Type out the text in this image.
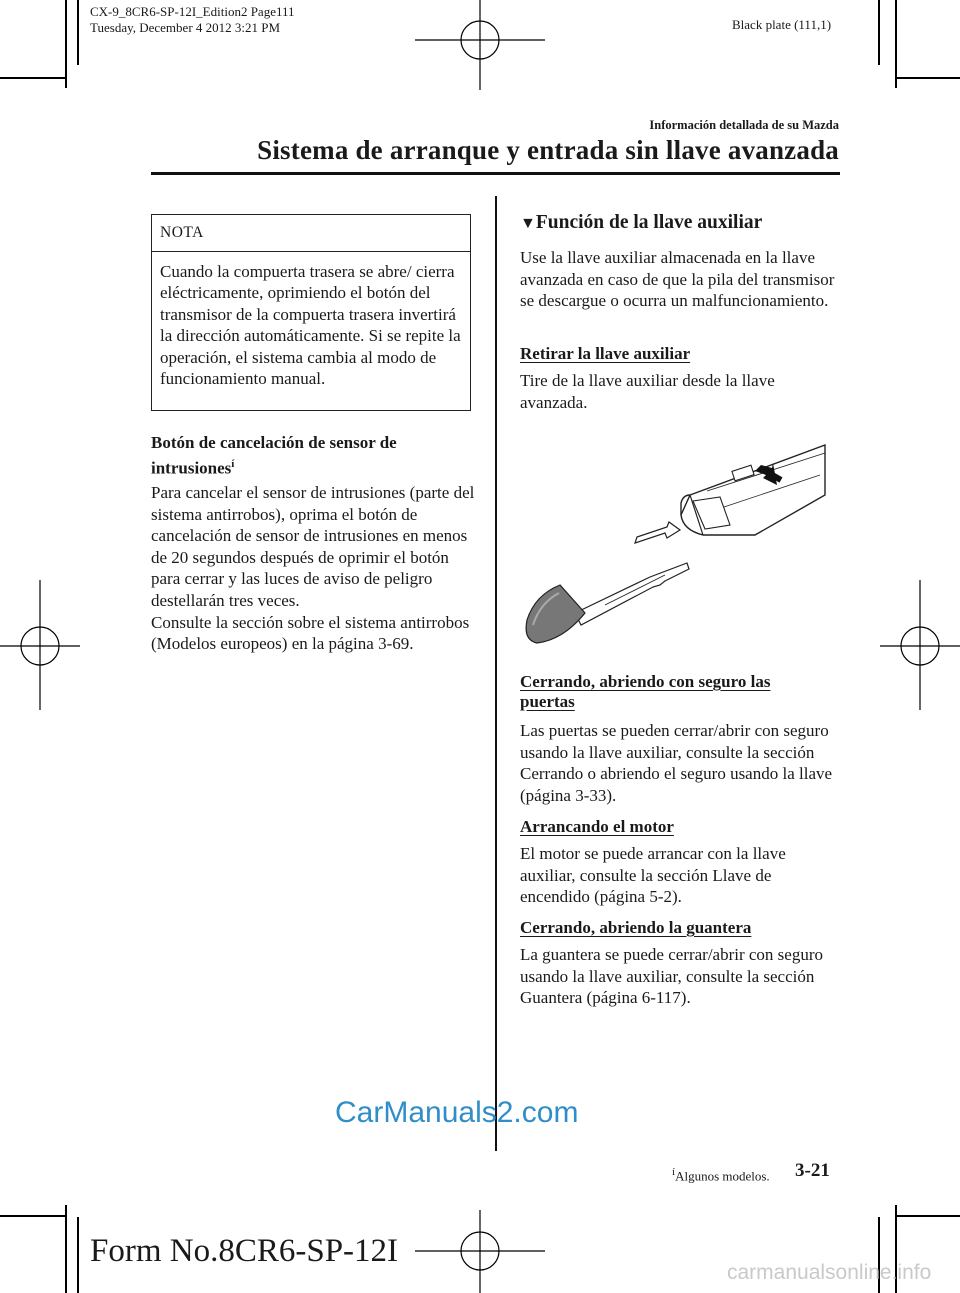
CX-9_8CR6-SP-12I_Edition2 Page111
Tuesday, December 4 2012 3:21 PM	Black plate (111,1)
Información detallada de su Mazda
Sistema de arranque y entrada sin llave avanzada
NOTA
Cuando la compuerta trasera se abre/ cierra eléctricamente, oprimiendo el botón del transmisor de la compuerta trasera invertirá la dirección automáticamente. Si se repite la operación, el sistema cambia al modo de funcionamiento manual.
Botón de cancelación de sensor de
intrusiones$^í$

Para cancelar el sensor de intrusiones (parte del sistema antirrobos), oprima el botón de cancelación de sensor de intrusiones en menos de 20 segundos después de oprimir el botón para cerrar y las luces de aviso de peligro destellarán tres veces.

Consulte la sección sobre el sistema antirrobos (Modelos europeos) en la página 3-69.

▼Función de la llave auxiliar
Use la llave auxiliar almacenada en la llave avanzada en caso de que la pila del transmisor se descargue o ocurra un malfuncionamiento.
Retirar la llave auxiliar
Tire de la llave auxiliar desde la llave avanzada.
Cerrando, abriendo con seguro las
puertas
Las puertas se pueden cerrar/abrir con seguro usando la llave auxiliar, consulte la sección Cerrando o abriendo el seguro usando la llave (página 3-33).
Arrancando el motor
El motor se puede arrancar con la llave auxiliar, consulte la sección Llave de encendido (página 5-2).
Cerrando, abriendo la guantera
La guantera se puede cerrar/abrir con seguro usando la llave auxiliar, consulte la sección Guantera (página 6-117).
CarManuals2.com
$^í$Algunos modelos. 3-21
Form No.8CR6-SP-12I
carmanualsonline.info
